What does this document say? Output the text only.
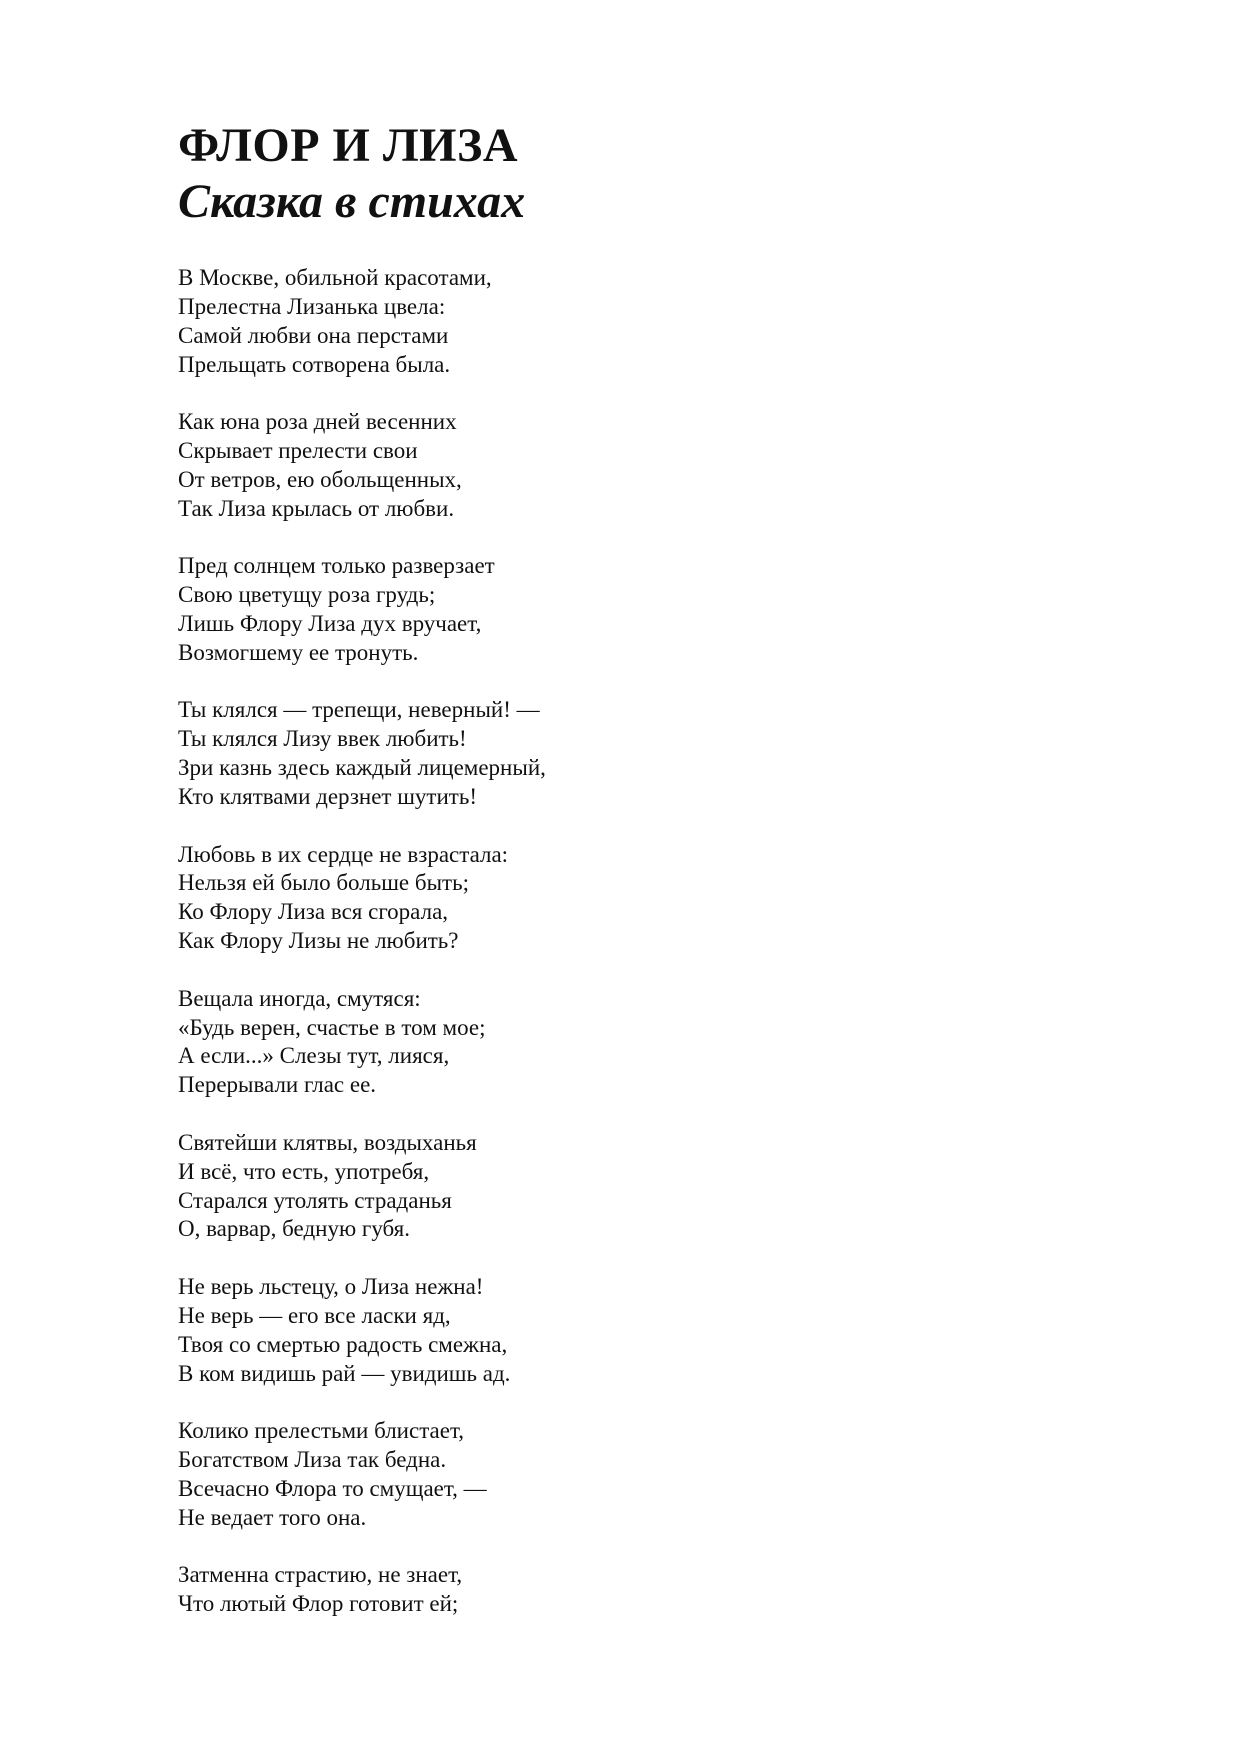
ФЛОР И ЛИЗА
Сказка в стихах
В Москве, обильной красотами,
Прелестна Лизанька цвела:
Самой любви она перстами
Прельщать сотворена была.
Как юна роза дней весенних
Скрывает прелести свои
От ветров, ею обольщенных,
Так Лиза крылась от любви.
Пред солнцем только разверзает
Свою цветущу роза грудь;
Лишь Флору Лиза дух вручает,
Возмогшему ее тронуть.
Ты клялся — трепещи, неверный! —
Ты клялся Лизу ввек любить!
Зри казнь здесь каждый лицемерный,
Кто клятвами дерзнет шутить!
Любовь в их сердце не взрастала:
Нельзя ей было больше быть;
Ко Флору Лиза вся сгорала,
Как Флору Лизы не любить?
Вещала иногда, смутяся:
«Будь верен, счастье в том мое;
А если...» Слезы тут, лияся,
Перерывали глас ее.
Святейши клятвы, воздыханья
И всё, что есть, употребя,
Старался утолять страданья
О, варвар, бедную губя.
Не верь льстецу, о Лиза нежна!
Не верь — его все ласки яд,
Твоя со смертью радость смежна,
В ком видишь рай — увидишь ад.
Колико прелестьми блистает,
Богатством Лиза так бедна.
Всечасно Флора то смущает, —
Не ведает того она.
Затменна страстию, не знает,
Что лютый Флор готовит ей;
